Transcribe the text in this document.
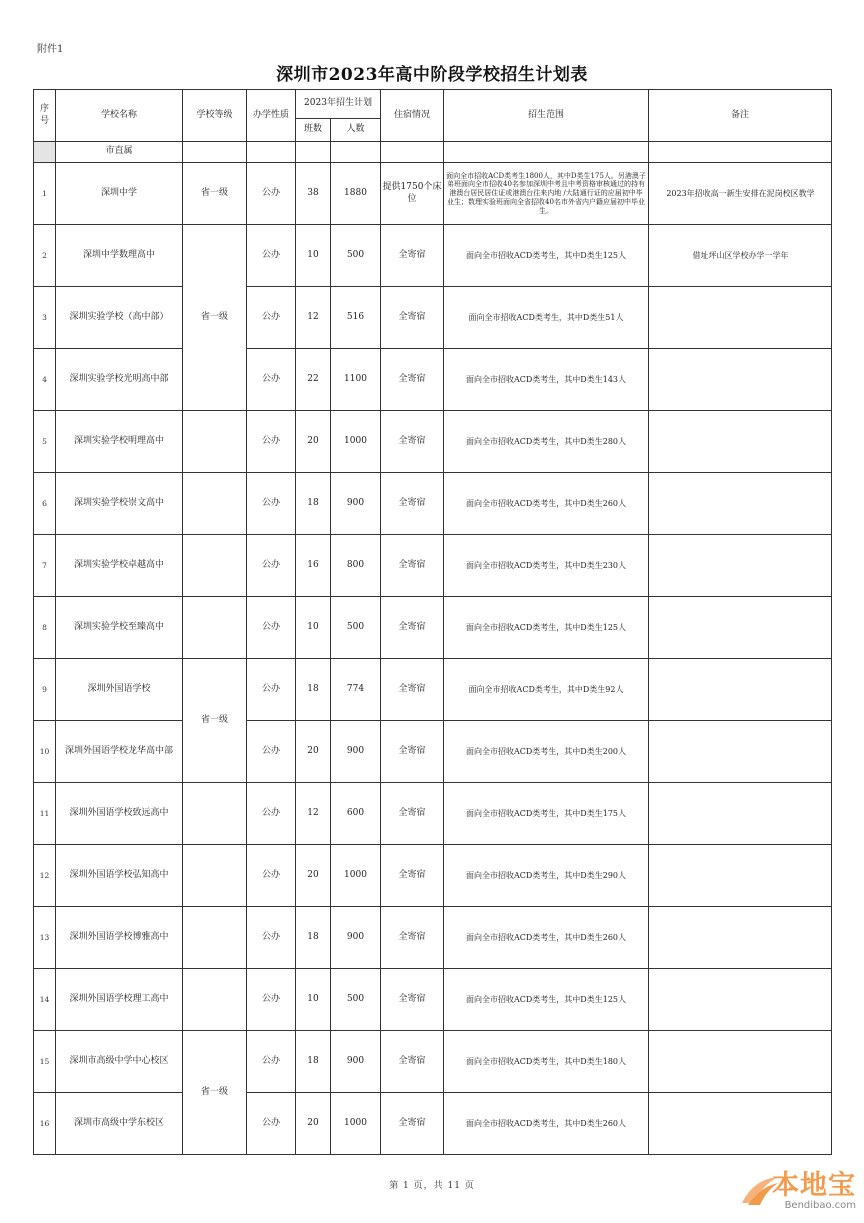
附件1
深圳市2023年高中阶段学校招生计划表
序
号	学校名称	学校等级	办学性质	2023年招生计划		住宿情况	招生范围	备注
				班数	人数			
	市直属							
1	深圳中学	省一级	公办	38	1880	提供1750个床位	面向全市招收ACD类考生1800人，其中D类生175人。另港澳子弟班面向全市招收40名参加深圳中考且中考资格审核通过的持有港澳台居民居住证或港澳台往来内地 /大陆通行证的应届初中毕业生；数理实验班面向全省招收40名市外省内户籍应届初中毕业生。	2023年招收高一新生安排在泥岗校区教学
2	深圳中学数理高中	省一级	公办	10	500	全寄宿	面向全市招收ACD类考生，其中D类生125人	借址坪山区学校办学一学年
3	深圳实验学校（高中部）		公办	12	516	全寄宿	面向全市招收ACD类考生，其中D类生51人	
4	深圳实验学校光明高中部		公办	22	1100	全寄宿	面向全市招收ACD类考生，其中D类生143人	
5	深圳实验学校明理高中		公办	20	1000	全寄宿	面向全市招收ACD类考生，其中D类生280人	
6	深圳实验学校崇文高中		公办	18	900	全寄宿	面向全市招收ACD类考生，其中D类生260人	
7	深圳实验学校卓越高中		公办	16	800	全寄宿	面向全市招收ACD类考生，其中D类生230人	
8	深圳实验学校至臻高中		公办	10	500	全寄宿	面向全市招收ACD类考生，其中D类生125人	
9	深圳外国语学校	省一级	公办	18	774	全寄宿	面向全市招收ACD类考生，其中D类生92人	
10	深圳外国语学校龙华高中部		公办	20	900	全寄宿	面向全市招收ACD类考生，其中D类生200人	
11	深圳外国语学校致远高中		公办	12	600	全寄宿	面向全市招收ACD类考生，其中D类生175人	
12	深圳外国语学校弘知高中		公办	20	1000	全寄宿	面向全市招收ACD类考生，其中D类生290人	
13	深圳外国语学校博雅高中		公办	18	900	全寄宿	面向全市招收ACD类考生，其中D类生260人	
14	深圳外国语学校理工高中		公办	10	500	全寄宿	面向全市招收ACD类考生，其中D类生125人	
15	深圳市高级中学中心校区	省一级	公办	18	900	全寄宿	面向全市招收ACD类考生，其中D类生180人	
16	深圳市高级中学东校区		公办	20	1000	全寄宿	面向全市招收ACD类考生，其中D类生260人	
第 1 页，共 11 页	本地宝
Bendibao.com
